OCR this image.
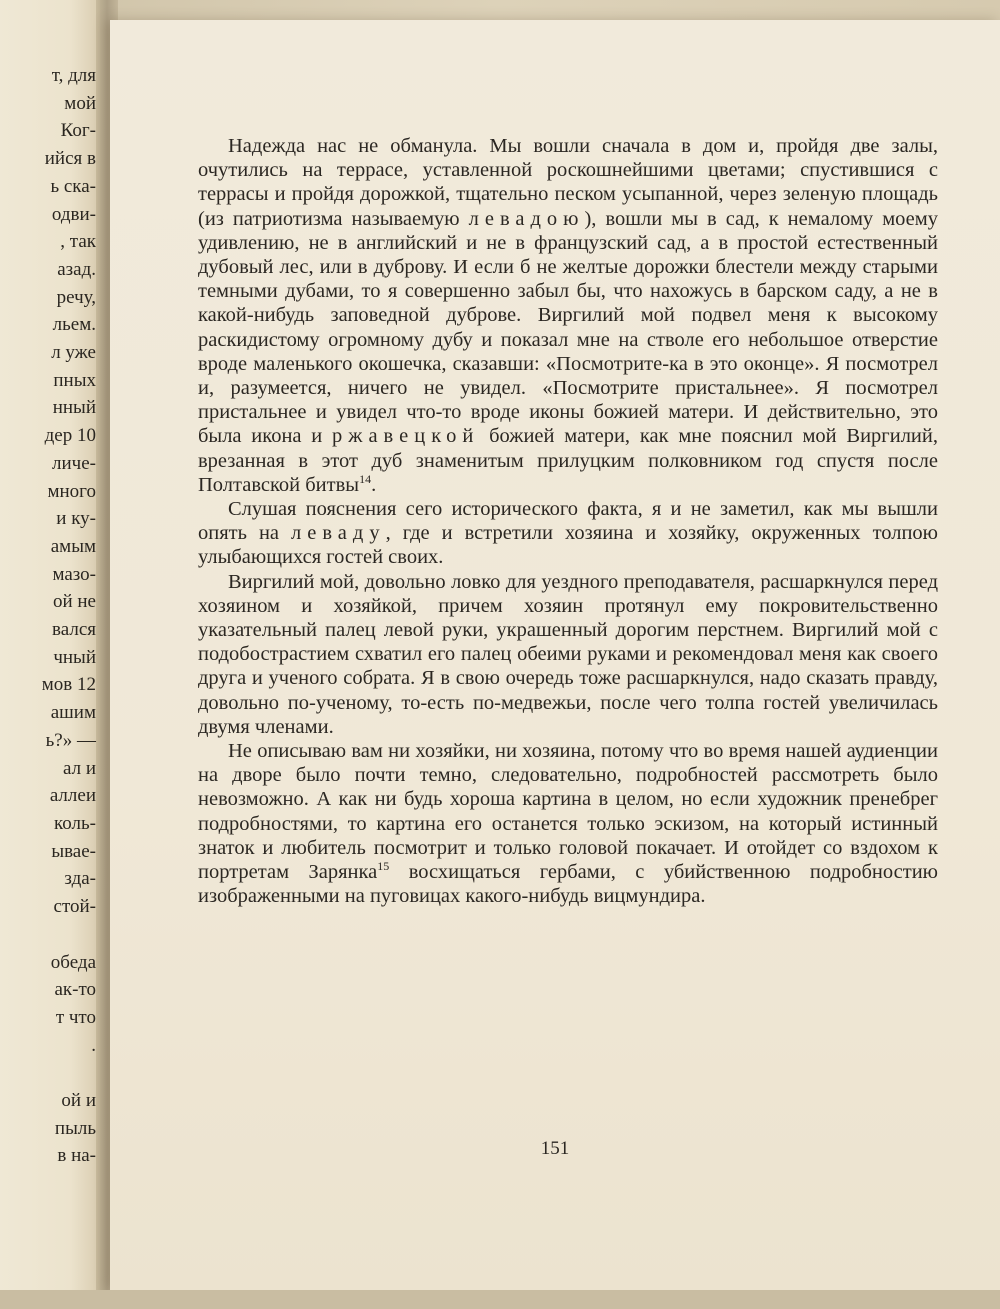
т, для
мой
Ког-
ийся в
ь ска-
одви-
, так
азад.
речу,
льем.
л уже
пных
нный
дер 10
личе-
много
и ку-
амым
мазо-
ой не
вался
чный
мов 12
ашим
ь?» —
ал и
аллеи
коль-
ывае-
зда-
стой-

обеда
ак-то
т что
.

ой и
пыль
в на-

Надежда нас не обманула. Мы вошли сначала в дом и, пройдя две залы, очутились на террасе, уставленной роскошнейшими цветами; спустившися с террасы и пройдя дорожкой, тщательно песком усыпанной, через зеленую площадь (из патриотизма называемую левадою), вошли мы в сад, к немалому моему удивлению, не в английский и не в французский сад, а в простой естественный дубовый лес, или в дуброву. И если б не желтые дорожки блестели между старыми темными дубами, то я совершенно забыл бы, что нахожусь в барском саду, а не в какой-нибудь заповедной дуброве. Виргилий мой подвел меня к высокому раскидистому огромному дубу и показал мне на стволе его небольшое отверстие вроде маленького окошечка, сказавши: «Посмотрите-ка в это оконце». Я посмотрел и, разумеется, ничего не увидел. «Посмотрите пристальнее». Я посмотрел пристальнее и увидел что-то вроде иконы божией матери. И действительно, это была икона и ржавецкой божией матери, как мне пояснил мой Виргилий, врезанная в этот дуб знаменитым прилуцким полковником год спустя после Полтавской битвы$^{14}$.

Слушая пояснения сего исторического факта, я и не заметил, как мы вышли опять на леваду, где и встретили хозяина и хозяйку, окруженных толпою улыбающихся гостей своих.

Виргилий мой, довольно ловко для уездного преподавателя, расшаркнулся перед хозяином и хозяйкой, причем хозяин протянул ему покровительственно указательный палец левой руки, украшенный дорогим перстнем. Виргилий мой с подобострастием схватил его палец обеими руками и рекомендовал меня как своего друга и ученого собрата. Я в свою очередь тоже расшаркнулся, надо сказать правду, довольно по-ученому, то-есть по-медвежьи, после чего толпа гостей увеличилась двумя членами.

Не описываю вам ни хозяйки, ни хозяина, потому что во время нашей аудиенции на дворе было почти темно, следовательно, подробностей рассмотреть было невозможно. А как ни будь хороша картина в целом, но если художник пренебрег подробностями, то картина его останется только эскизом, на который истинный знаток и любитель посмотрит и только головой покачает. И отойдет со вздохом к портретам Зарянка$^{15}$ восхищаться гербами, с убийственною подробностию изображенными на пуговицах какого-нибудь вицмундира.

151
